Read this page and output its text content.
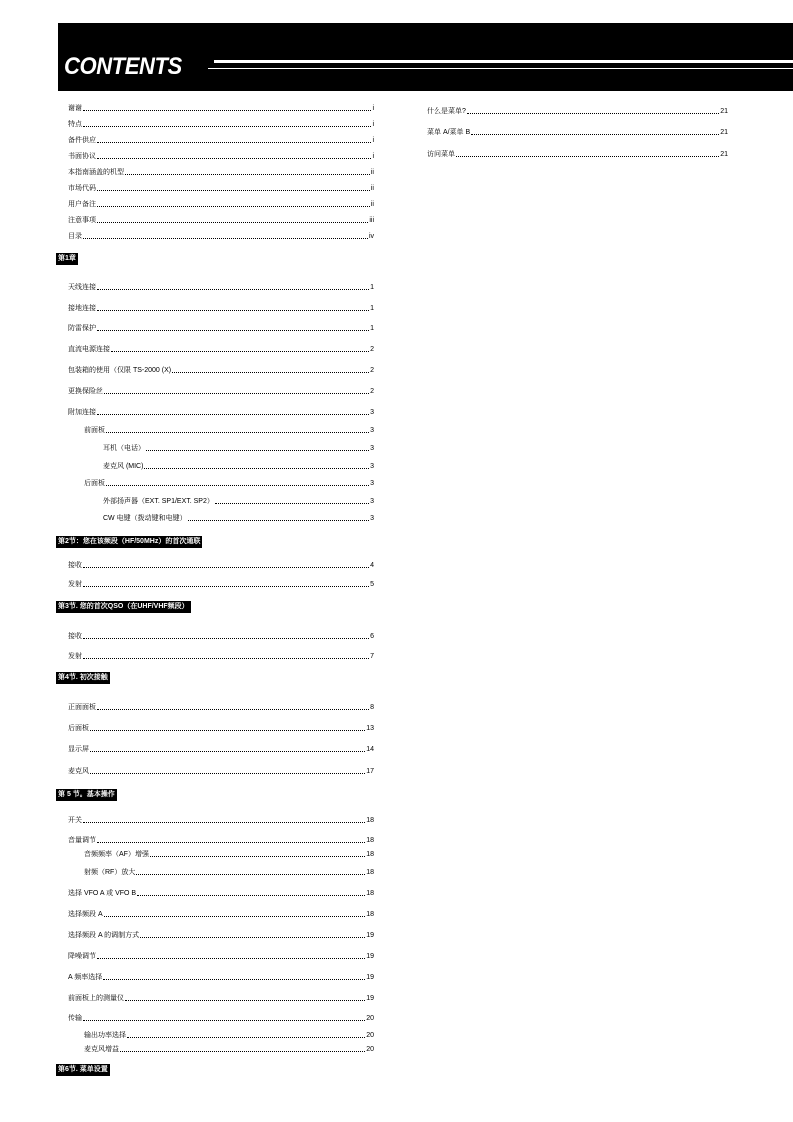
CONTENTS
谢谢	i
特点	i
备件供应	i
书面协议	i
本指南涵盖的机型	ii
市场代码	ii
用户备注	ii
注意事项	iii
目录	iv
第1章
天线连接	1
接地连接	1
防雷保护	1
直流电源连接	2
包装箱的使用（仅限 TS-2000 (X)	2
更换保险丝	2
附加连接	3
前面板	3
耳机（电话）	3
麦克风 (MIC)	3
后面板	3
外部扬声器（EXT. SP1/EXT. SP2）	3
CW 电键（拨动键和电键）	3
第2节：您在该频段（HF/50MHz）的首次通联
接收	4
发射	5
第3节. 您的首次QSO（在UHF/VHF频段）
接收	6
发射	7
第4节. 初次接触
正面面板	8
后面板	13
显示屏	14
麦克风	17
第 5 节。基本操作
开关	18
音量调节	18
音频频率（AF）增强	18
射频（RF）放大	18
选择 VFO A 或 VFO B	18
选择频段 A	18
选择频段 A 的调制方式	19
降噪调节	19
A 频率选择	19
前面板上的测量仪	19
传输	20
输出功率选择	20
麦克风增益	20
第6节. 菜单设置
什么是菜单?	21
菜单 A/菜单 B	21
访问菜单	21
